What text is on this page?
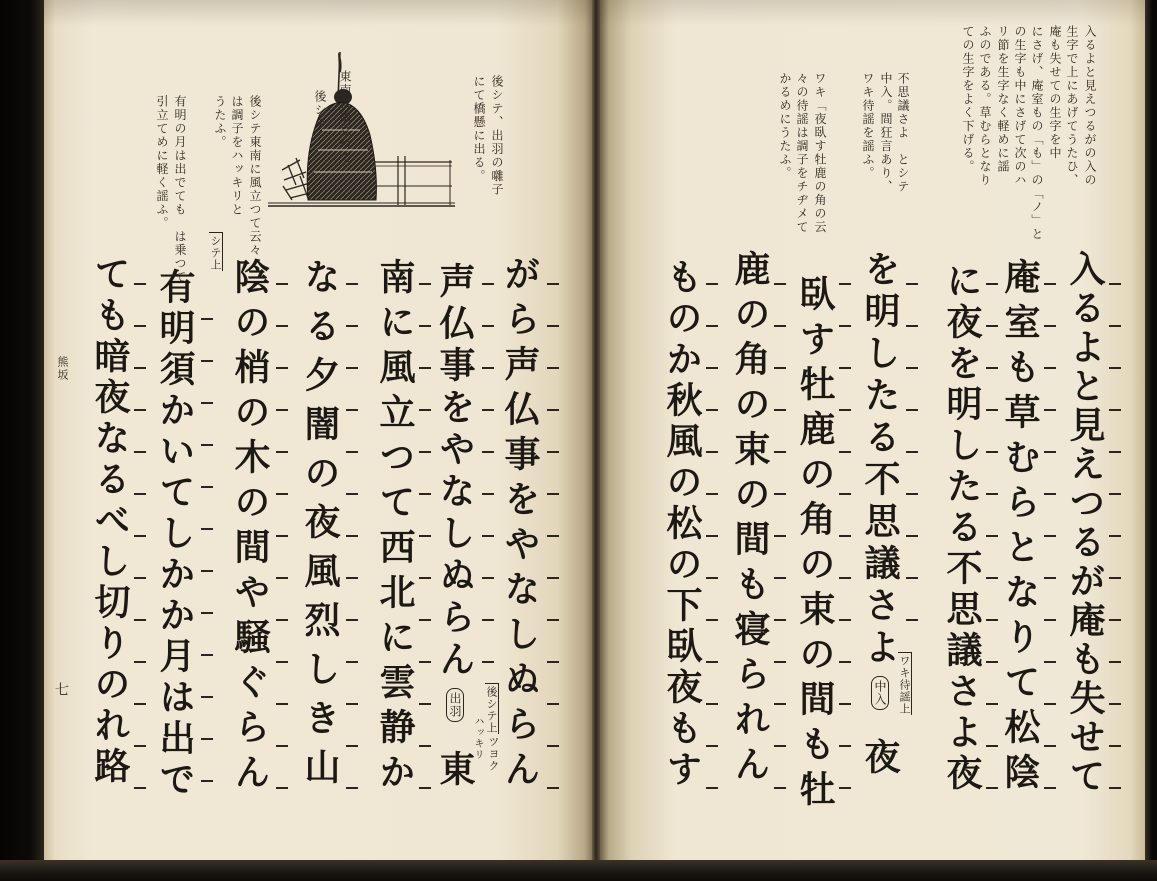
熊坂
七
後シテ、出羽の囃子
にて橋懸に出る。
東南に風立つて
後シテ
後シテ東南に風立つて云々
は調子をハッキリと
うたふ。
有明の月は出でても　は乗つて
引立てめに軽く謡ふ。
がら声仏事をやなしぬらん
声仏事をやなしぬらん出羽東
南に風立つて西北に雲静か
なる夕闇の夜風烈しき山
陰の梢の木の間や騒ぐらん
有明須かいてしかか月は出で
ても暗夜なるべし切りのれ路	後シテ上
ツヨク
ハッキリ
シテ上
入るよと見えつるがの入の
生字で上にあげてうたひ、
庵も失せての生字を中
にさげ、庵室もの「も」の「ノ」と
の生字も中にさげて次のハ
リ節を生字なく軽めに謡
ふのである。草むらとなり
ての生字をよく下げる。
不思議さよ　とシテ
中入。間狂言あり、
ワキ待謡を謡ふ。
ワキ「夜臥す牡鹿の角の云
々の待謡は調子をチヂメて
かるめにうたふ。
入るよと見えつるが庵も失せて
庵室も草むらとなりて松陰
に夜を明したる不思議さよ夜
を明したる不思議さよ中入夜
臥す牡鹿の角の束の間も牡
鹿の角の束の間も寝られん
ものか秋風の松の下臥夜もす	ワキ待謡上
